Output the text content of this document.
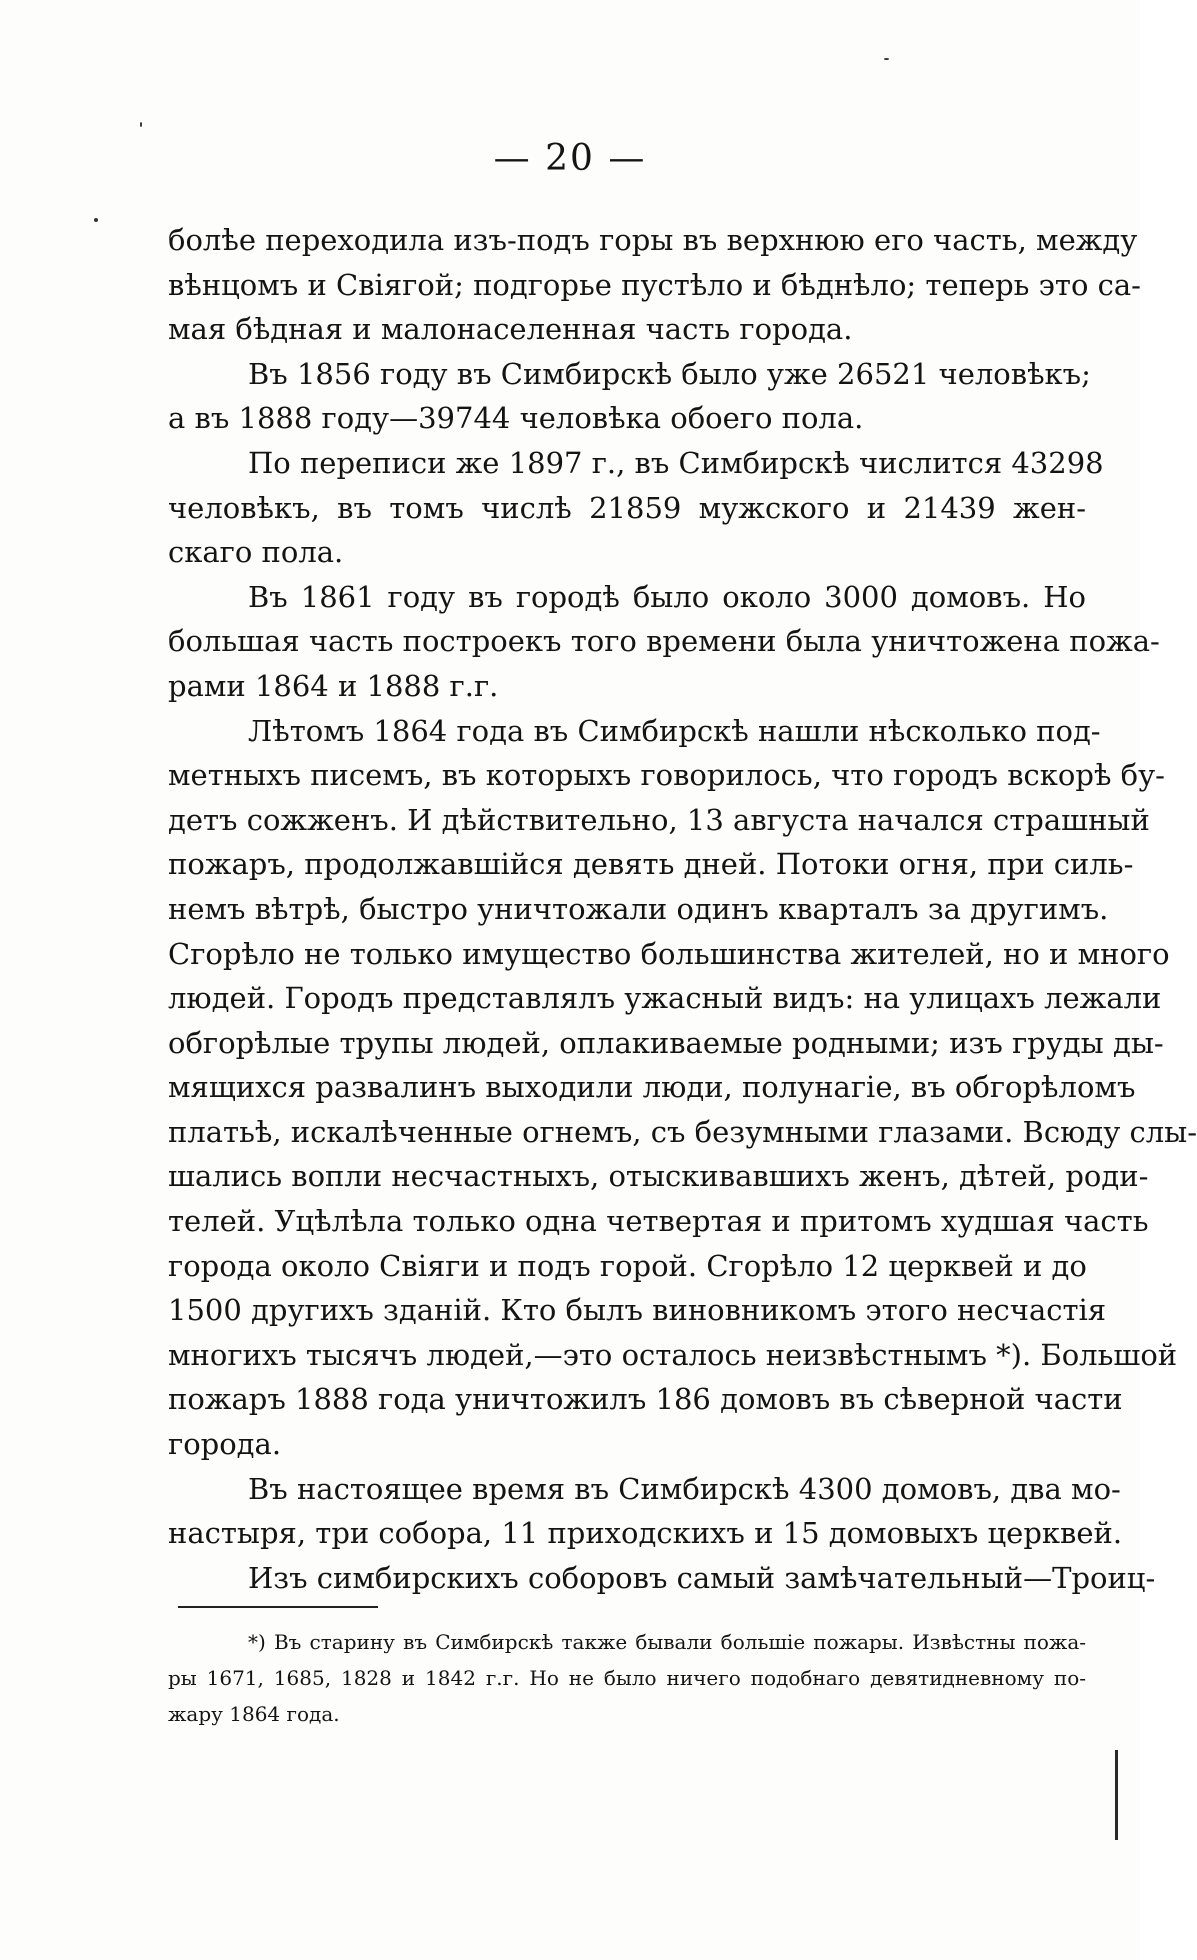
— 20 —
болѣе переходила изъ-подъ горы въ верхнюю его часть, между
вѣнцомъ и Свіягой; подгорье пустѣло и бѣднѣло; теперь это са-
мая бѣдная и малонаселенная часть города.
Въ 1856 году въ Симбирскѣ было уже 26521 человѣкъ;
а въ 1888 году—39744 человѣка обоего пола.
По переписи же 1897 г., въ Симбирскѣ числится 43298
человѣкъ, въ томъ числѣ 21859 мужского и 21439 жен-
скаго пола.
Въ 1861 году въ городѣ было около 3000 домовъ. Но
большая часть построекъ того времени была уничтожена пожа-
рами 1864 и 1888 г.г.
Лѣтомъ 1864 года въ Симбирскѣ нашли нѣсколько под-
метныхъ писемъ, въ которыхъ говорилось, что городъ вскорѣ бу-
детъ сожженъ. И дѣйствительно, 13 августа начался страшный
пожаръ, продолжавшійся девять дней. Потоки огня, при силь-
немъ вѣтрѣ, быстро уничтожали одинъ кварталъ за другимъ.
Сгорѣло не только имущество большинства жителей, но и много
людей. Городъ представлялъ ужасный видъ: на улицахъ лежали
обгорѣлые трупы людей, оплакиваемые родными; изъ груды ды-
мящихся развалинъ выходили люди, полунагіе, въ обгорѣломъ
платьѣ, искалѣченные огнемъ, съ безумными глазами. Всюду слы-
шались вопли несчастныхъ, отыскивавшихъ женъ, дѣтей, роди-
телей. Уцѣлѣла только одна четвертая и притомъ худшая часть
города около Свіяги и подъ горой. Сгорѣло 12 церквей и до
1500 другихъ зданій. Кто былъ виновникомъ этого несчастія
многихъ тысячъ людей,—это осталось неизвѣстнымъ *). Большой
пожаръ 1888 года уничтожилъ 186 домовъ въ сѣверной части
города.
Въ настоящее время въ Симбирскѣ 4300 домовъ, два мо-
настыря, три собора, 11 приходскихъ и 15 домовыхъ церквей.
Изъ симбирскихъ соборовъ самый замѣчательный—Троиц-
*) Въ старину въ Симбирскѣ также бывали большіе пожары. Извѣстны пожа-
ры 1671, 1685, 1828 и 1842 г.г. Но не было ничего подобнаго девятидневному по-
жару 1864 года.
